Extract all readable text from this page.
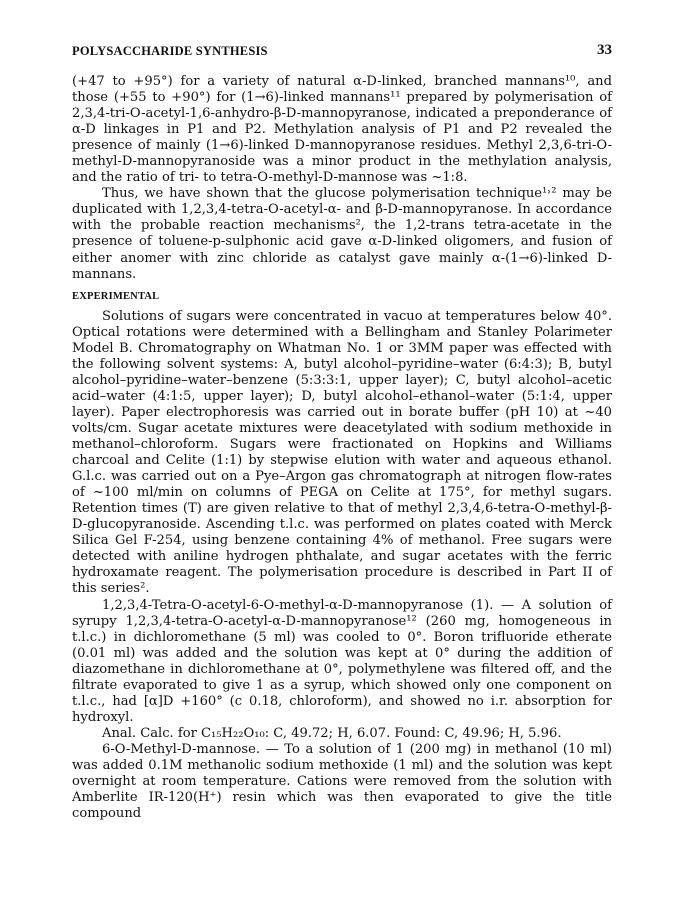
POLYSACCHARIDE SYNTHESIS	33

(+47 to +95°) for a variety of natural α-D-linked, branched mannans¹⁰, and those (+55 to +90°) for (1→6)-linked mannans¹¹ prepared by polymerisation of 2,3,4-tri-O-acetyl-1,6-anhydro-β-D-mannopyranose, indicated a preponderance of α-D linkages in P1 and P2. Methylation analysis of P1 and P2 revealed the presence of mainly (1→6)-linked D-mannopyranose residues. Methyl 2,3,6-tri-O-methyl-D-mannopyranoside was a minor product in the methylation analysis, and the ratio of tri- to tetra-O-methyl-D-mannose was ~1:8.

Thus, we have shown that the glucose polymerisation technique¹˒² may be duplicated with 1,2,3,4-tetra-O-acetyl-α- and β-D-mannopyranose. In accordance with the probable reaction mechanisms², the 1,2-trans tetra-acetate in the presence of toluene-p-sulphonic acid gave α-D-linked oligomers, and fusion of either anomer with zinc chloride as catalyst gave mainly α-(1→6)-linked D-mannans.

EXPERIMENTAL

Solutions of sugars were concentrated in vacuo at temperatures below 40°. Optical rotations were determined with a Bellingham and Stanley Polarimeter Model B. Chromatography on Whatman No. 1 or 3MM paper was effected with the following solvent systems: A, butyl alcohol–pyridine–water (6:4:3); B, butyl alcohol–pyridine–water–benzene (5:3:3:1, upper layer); C, butyl alcohol–acetic acid–water (4:1:5, upper layer); D, butyl alcohol–ethanol–water (5:1:4, upper layer). Paper electrophoresis was carried out in borate buffer (pH 10) at ~40 volts/cm. Sugar acetate mixtures were deacetylated with sodium methoxide in methanol–chloroform. Sugars were fractionated on Hopkins and Williams charcoal and Celite (1:1) by stepwise elution with water and aqueous ethanol. G.l.c. was carried out on a Pye–Argon gas chromatograph at nitrogen flow-rates of ~100 ml/min on columns of PEGA on Celite at 175°, for methyl sugars. Retention times (T) are given relative to that of methyl 2,3,4,6-tetra-O-methyl-β-D-glucopyranoside. Ascending t.l.c. was performed on plates coated with Merck Silica Gel F-254, using benzene containing 4% of methanol. Free sugars were detected with aniline hydrogen phthalate, and sugar acetates with the ferric hydroxamate reagent. The polymerisation procedure is described in Part II of this series².

1,2,3,4-Tetra-O-acetyl-6-O-methyl-α-D-mannopyranose (1). — A solution of syrupy 1,2,3,4-tetra-O-acetyl-α-D-mannopyranose¹² (260 mg, homogeneous in t.l.c.) in dichloromethane (5 ml) was cooled to 0°. Boron trifluoride etherate (0.01 ml) was added and the solution was kept at 0° during the addition of diazomethane in dichloromethane at 0°, polymethylene was filtered off, and the filtrate evaporated to give 1 as a syrup, which showed only one component on t.l.c., had [α]D +160° (c 0.18, chloroform), and showed no i.r. absorption for hydroxyl.

Anal. Calc. for C₁₅H₂₂O₁₀: C, 49.72; H, 6.07. Found: C, 49.96; H, 5.96.

6-O-Methyl-D-mannose. — To a solution of 1 (200 mg) in methanol (10 ml) was added 0.1M methanolic sodium methoxide (1 ml) and the solution was kept overnight at room temperature. Cations were removed from the solution with Amberlite IR-120(H⁺) resin which was then evaporated to give the title compound
